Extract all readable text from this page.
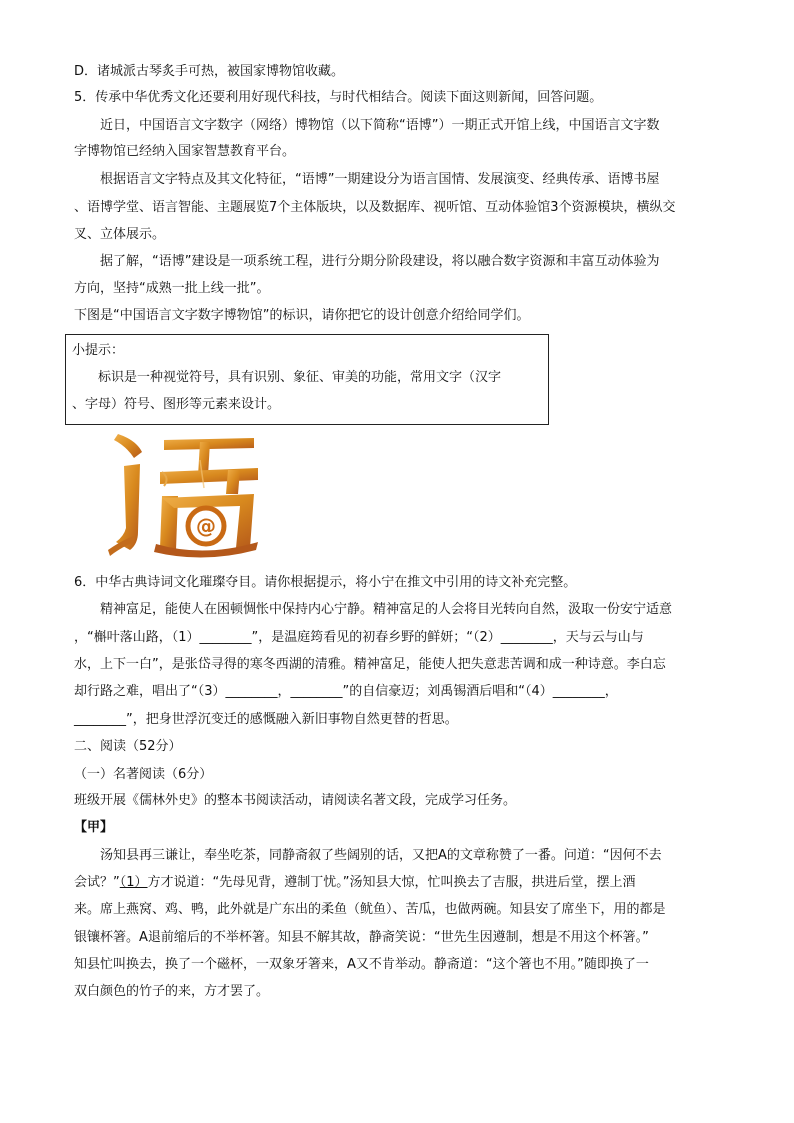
D．诸城派古琴炙手可热，被国家博物馆收藏。
5．传承中华优秀文化还要利用好现代科技，与时代相结合。阅读下面这则新闻，回答问题。
近日，中国语言文字数字（网络）博物馆（以下简称“语博”）一期正式开馆上线，中国语言文字数
字博物馆已经纳入国家智慧教育平台。
根据语言文字特点及其文化特征，“语博”一期建设分为语言国情、发展演变、经典传承、语博书屋
、语博学堂、语言智能、主题展览7个主体版块，以及数据库、视听馆、互动体验馆3个资源模块，横纵交
叉、立体展示。
据了解，“语博”建设是一项系统工程，进行分期分阶段建设，将以融合数字资源和丰富互动体验为
方向，坚持“成熟一批上线一批”。
下图是“中国语言文字数字博物馆”的标识，请你把它的设计创意介绍给同学们。
小提示：
标识是一种视觉符号，具有识别、象征、审美的功能，常用文字（汉字
、字母）符号、图形等元素来设计。
@
6．中华古典诗词文化璀璨夺目。请你根据提示，将小宁在推文中引用的诗文补充完整。
精神富足，能使人在困顿惆怅中保持内心宁静。精神富足的人会将目光转向自然，汲取一份安宁适意
，“槲叶落山路，（1）________”，是温庭筠看见的初春乡野的鲜妍；“（2）________，天与云与山与
水，上下一白”，是张岱寻得的寒冬西湖的清雅。精神富足，能使人把失意悲苦调和成一种诗意。李白忘
却行路之难，唱出了“（3）________，________”的自信豪迈；刘禹锡酒后唱和“（4）________，
________”，把身世浮沉变迁的感慨融入新旧事物自然更替的哲思。
二、阅读（52分）
（一）名著阅读（6分）
班级开展《儒林外史》的整本书阅读活动，请阅读名著文段，完成学习任务。
【甲】
汤知县再三谦让，奉坐吃茶，同静斋叙了些阔别的话，又把A的文章称赞了一番。问道：“因何不去
会试？”（1）方才说道：“先母见背，遵制丁忧。”汤知县大惊，忙叫换去了吉服，拱进后堂，摆上酒
来。席上燕窝、鸡、鸭，此外就是广东出的柔鱼（鱿鱼）、苦瓜，也做两碗。知县安了席坐下，用的都是
银镶杯箸。A退前缩后的不举杯箸。知县不解其故，静斋笑说：“世先生因遵制，想是不用这个杯箸。”
知县忙叫换去，换了一个磁杯，一双象牙箸来，A又不肯举动。静斋道：“这个箸也不用。”随即换了一
双白颜色的竹子的来，方才罢了。
